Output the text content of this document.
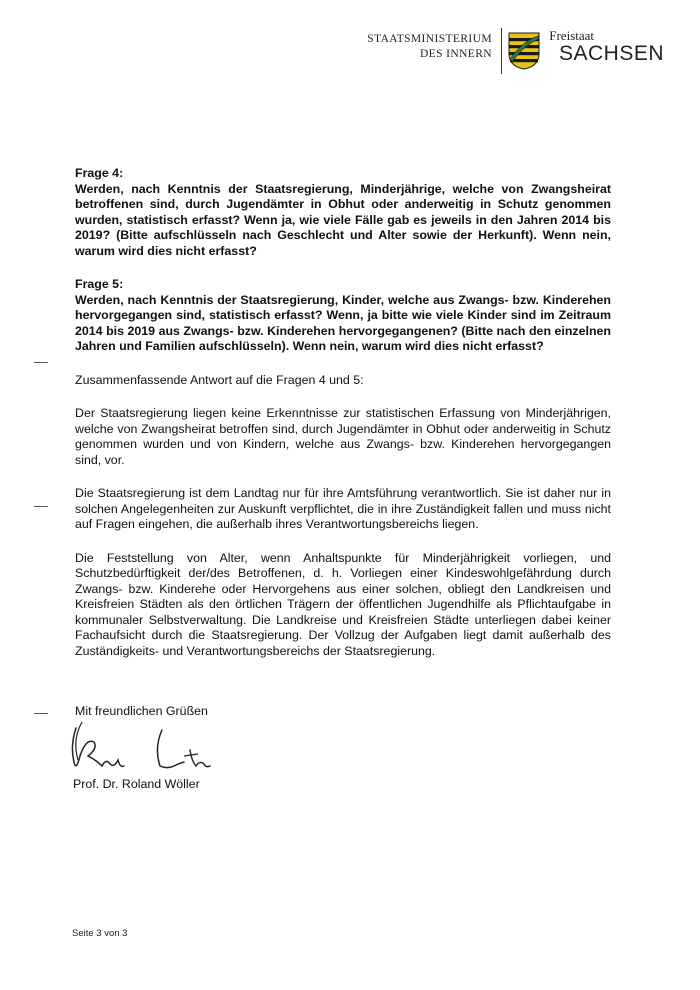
STAATSMINISTERIUM
DES INNERN
Freistaat
SACHSEN
Frage 4:
Werden, nach Kenntnis der Staatsregierung, Minderjährige, welche von Zwangsheirat betroffenen sind, durch Jugendämter in Obhut oder anderweitig in Schutz genommen wurden, statistisch erfasst? Wenn ja, wie viele Fälle gab es jeweils in den Jahren 2014 bis 2019? (Bitte aufschlüsseln nach Geschlecht und Alter sowie der Herkunft). Wenn nein, warum wird dies nicht erfasst?
Frage 5:
Werden, nach Kenntnis der Staatsregierung, Kinder, welche aus Zwangs- bzw. Kinderehen hervorgegangen sind, statistisch erfasst? Wenn, ja bitte wie viele Kinder sind im Zeitraum 2014 bis 2019 aus Zwangs- bzw. Kinderehen hervorgegangenen? (Bitte nach den einzelnen Jahren und Familien aufschlüsseln). Wenn nein, warum wird dies nicht erfasst?
Zusammenfassende Antwort auf die Fragen 4 und 5:
Der Staatsregierung liegen keine Erkenntnisse zur statistischen Erfassung von Minderjährigen, welche von Zwangsheirat betroffen sind, durch Jugendämter in Obhut oder anderweitig in Schutz genommen wurden und von Kindern, welche aus Zwangs- bzw. Kinderehen hervorgegangen sind, vor.
Die Staatsregierung ist dem Landtag nur für ihre Amtsführung verantwortlich. Sie ist daher nur in solchen Angelegenheiten zur Auskunft verpflichtet, die in ihre Zuständigkeit fallen und muss nicht auf Fragen eingehen, die außerhalb ihres Verantwortungsbereichs liegen.
Die Feststellung von Alter, wenn Anhaltspunkte für Minderjährigkeit vorliegen, und Schutzbedürftigkeit der/des Betroffenen, d. h. Vorliegen einer Kindeswohlgefährdung durch Zwangs- bzw. Kinderehe oder Hervorgehens aus einer solchen, obliegt den Landkreisen und Kreisfreien Städten als den örtlichen Trägern der öffentlichen Jugendhilfe als Pflichtaufgabe in kommunaler Selbstverwaltung. Die Landkreise und Kreisfreien Städte unterliegen dabei keiner Fachaufsicht durch die Staatsregierung. Der Vollzug der Aufgaben liegt damit außerhalb des Zuständigkeits- und Verantwortungsbereichs der Staatsregierung.
Mit freundlichen Grüßen
Prof. Dr. Roland Wöller
Seite 3 von 3
